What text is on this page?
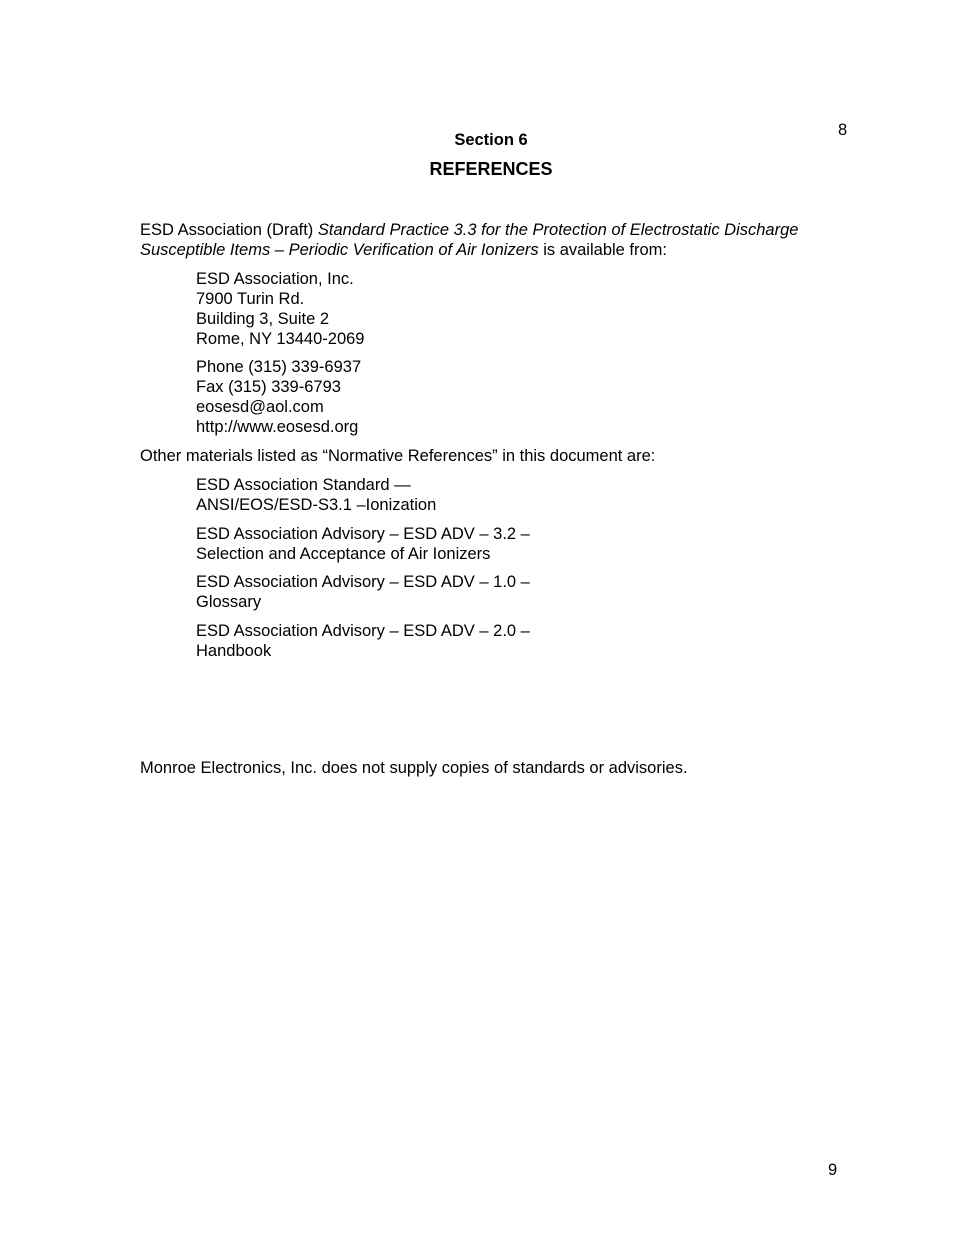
8
Section 6
REFERENCES
ESD Association (Draft) Standard Practice 3.3 for the Protection of Electrostatic Discharge
Susceptible Items – Periodic Verification of Air Ionizers is available from:
ESD Association, Inc.
7900 Turin Rd.
Building 3, Suite 2
Rome, NY 13440-2069
Phone (315) 339-6937
Fax (315) 339-6793
eosesd@aol.com
http://www.eosesd.org
Other materials listed as “Normative References” in this document are:
ESD Association Standard —
ANSI/EOS/ESD-S3.1 –Ionization
ESD Association Advisory – ESD ADV – 3.2 –
Selection and Acceptance of Air Ionizers
ESD Association Advisory – ESD ADV – 1.0 –
Glossary
ESD Association Advisory – ESD ADV – 2.0 –
Handbook
Monroe Electronics, Inc. does not supply copies of standards or advisories.
9
